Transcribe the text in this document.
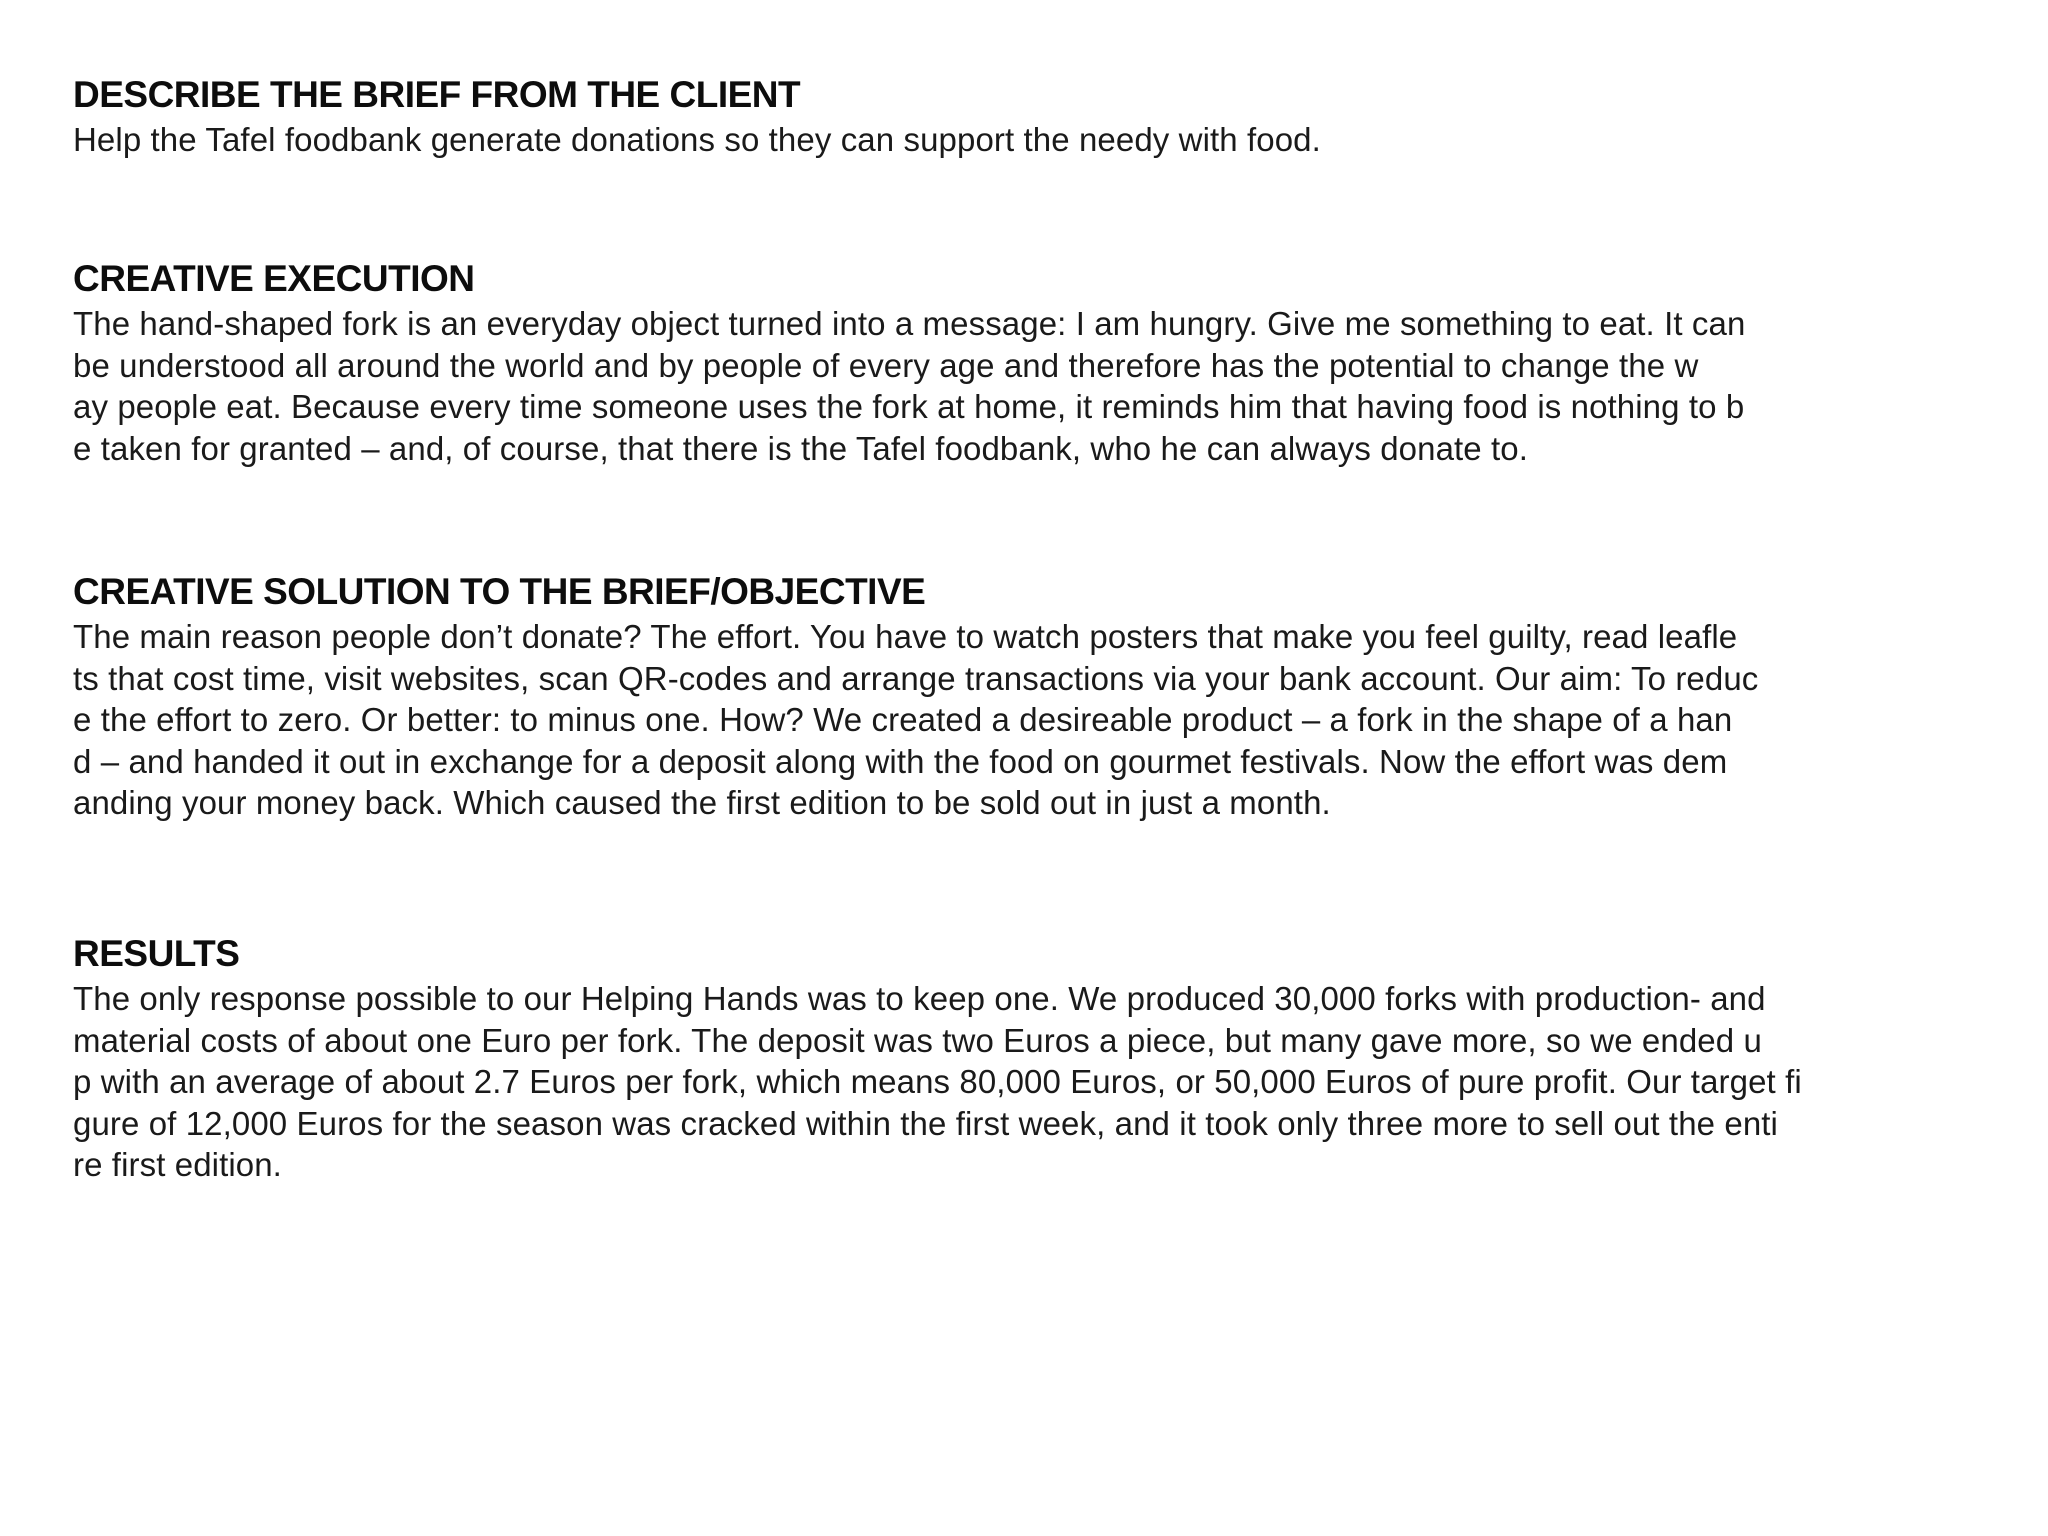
DESCRIBE THE BRIEF FROM THE CLIENT
Help the Tafel foodbank generate donations so they can support the needy with food.
CREATIVE EXECUTION
The hand-shaped fork is an everyday object turned into a message: I am hungry. Give me something to eat. It can
be understood all around the world and by people of every age and therefore has the potential to change the w
ay people eat. Because every time someone uses the fork at home, it reminds him that having food is nothing to b
e taken for granted – and, of course, that there is the Tafel foodbank, who he can always donate to.
CREATIVE SOLUTION TO THE BRIEF/OBJECTIVE
The main reason people don’t donate? The effort. You have to watch posters that make you feel guilty, read leafle
ts that cost time, visit websites, scan QR-codes and arrange transactions via your bank account. Our aim: To reduc
e the effort to zero. Or better: to minus one. How? We created a desireable product – a fork in the shape of a han
d – and handed it out in exchange for a deposit along with the food on gourmet festivals. Now the effort was dem
anding your money back. Which caused the first edition to be sold out in just a month.
RESULTS
The only response possible to our Helping Hands was to keep one. We produced 30,000 forks with production- and
material costs of about one Euro per fork. The deposit was two Euros a piece, but many gave more, so we ended u
p with an average of about 2.7 Euros per fork, which means 80,000 Euros, or 50,000 Euros of pure profit. Our target fi
gure of 12,000 Euros for the season was cracked within the first week, and it took only three more to sell out the enti
re first edition.
